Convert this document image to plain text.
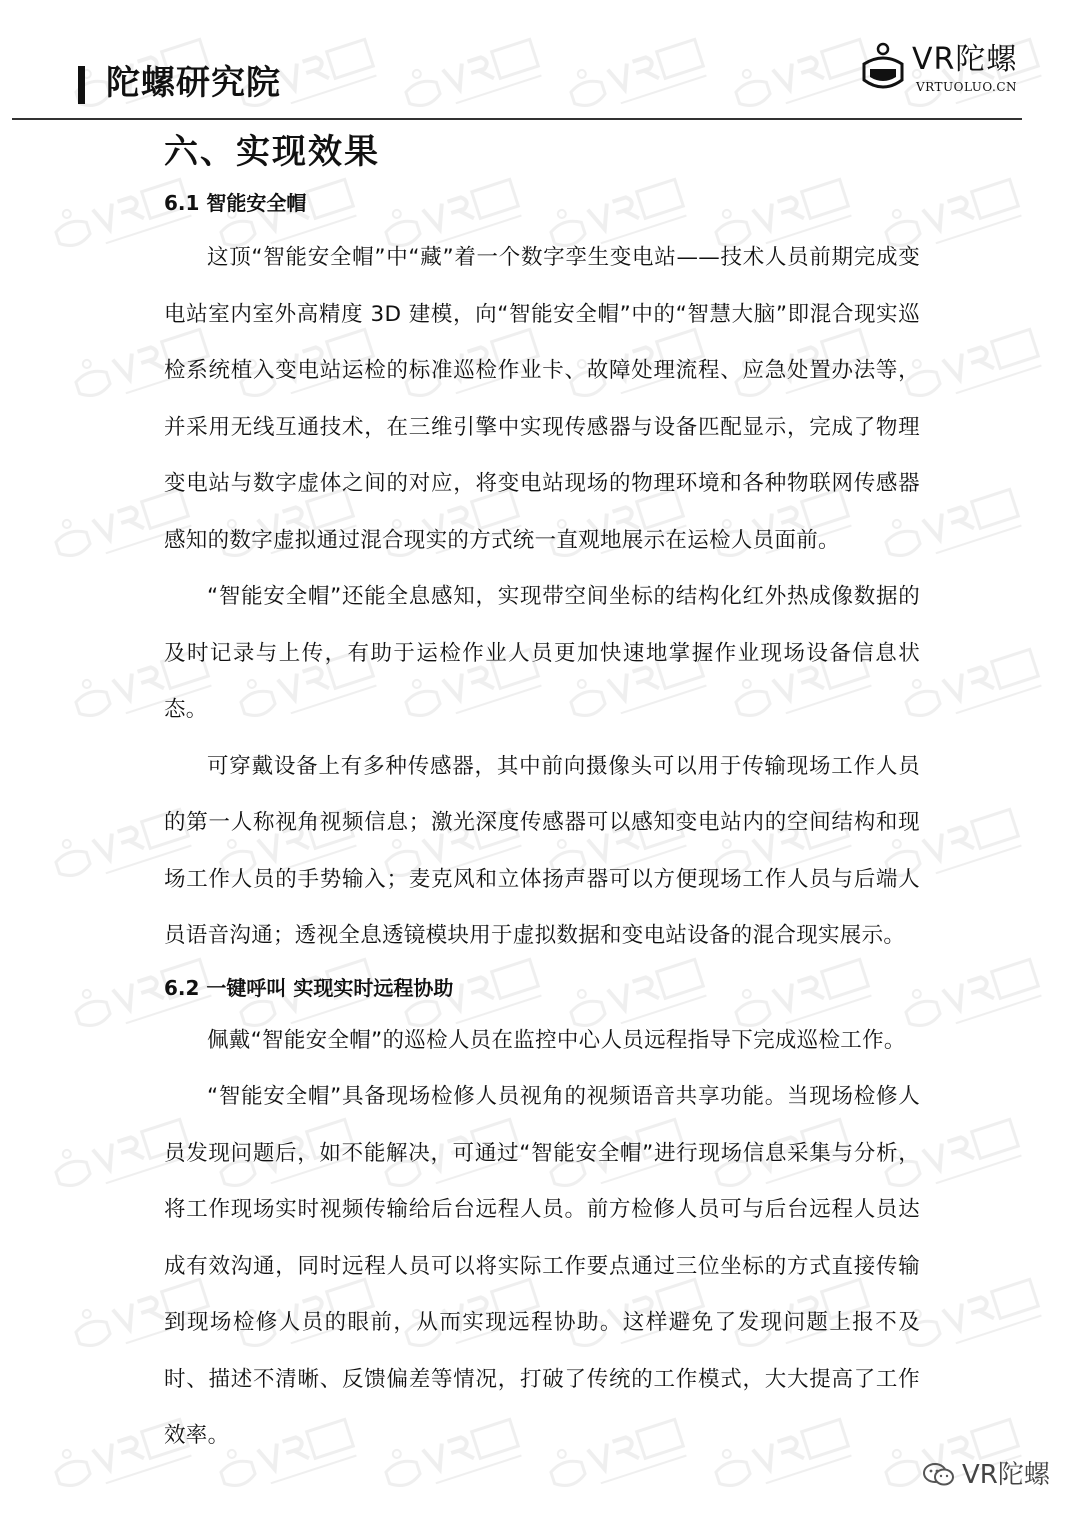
陀螺研究院
VR陀螺
VRTUOLUO.CN
六、实现效果
6.1 智能安全帽

这顶“智能安全帽”中“藏”着一个数字孪生变电站——技术人员前期完成变电站室内室外高精度 3D 建模，向“智能安全帽”中的“智慧大脑”即混合现实巡检系统植入变电站运检的标准巡检作业卡、故障处理流程、应急处置办法等，并采用无线互通技术，在三维引擎中实现传感器与设备匹配显示，完成了物理变电站与数字虚体之间的对应，将变电站现场的物理环境和各种物联网传感器感知的数字虚拟通过混合现实的方式统一直观地展示在运检人员面前。

“智能安全帽”还能全息感知，实现带空间坐标的结构化红外热成像数据的及时记录与上传，有助于运检作业人员更加快速地掌握作业现场设备信息状态。

可穿戴设备上有多种传感器，其中前向摄像头可以用于传输现场工作人员的第一人称视角视频信息；激光深度传感器可以感知变电站内的空间结构和现场工作人员的手势输入；麦克风和立体扬声器可以方便现场工作人员与后端人员语音沟通；透视全息透镜模块用于虚拟数据和变电站设备的混合现实展示。

6.2 一键呼叫 实现实时远程协助

佩戴“智能安全帽”的巡检人员在监控中心人员远程指导下完成巡检工作。

“智能安全帽”具备现场检修人员视角的视频语音共享功能。当现场检修人员发现问题后，如不能解决，可通过“智能安全帽”进行现场信息采集与分析，将工作现场实时视频传输给后台远程人员。前方检修人员可与后台远程人员达成有效沟通，同时远程人员可以将实际工作要点通过三位坐标的方式直接传输到现场检修人员的眼前，从而实现远程协助。这样避免了发现问题上报不及时、描述不清晰、反馈偏差等情况，打破了传统的工作模式，大大提高了工作效率。

VR陀螺
